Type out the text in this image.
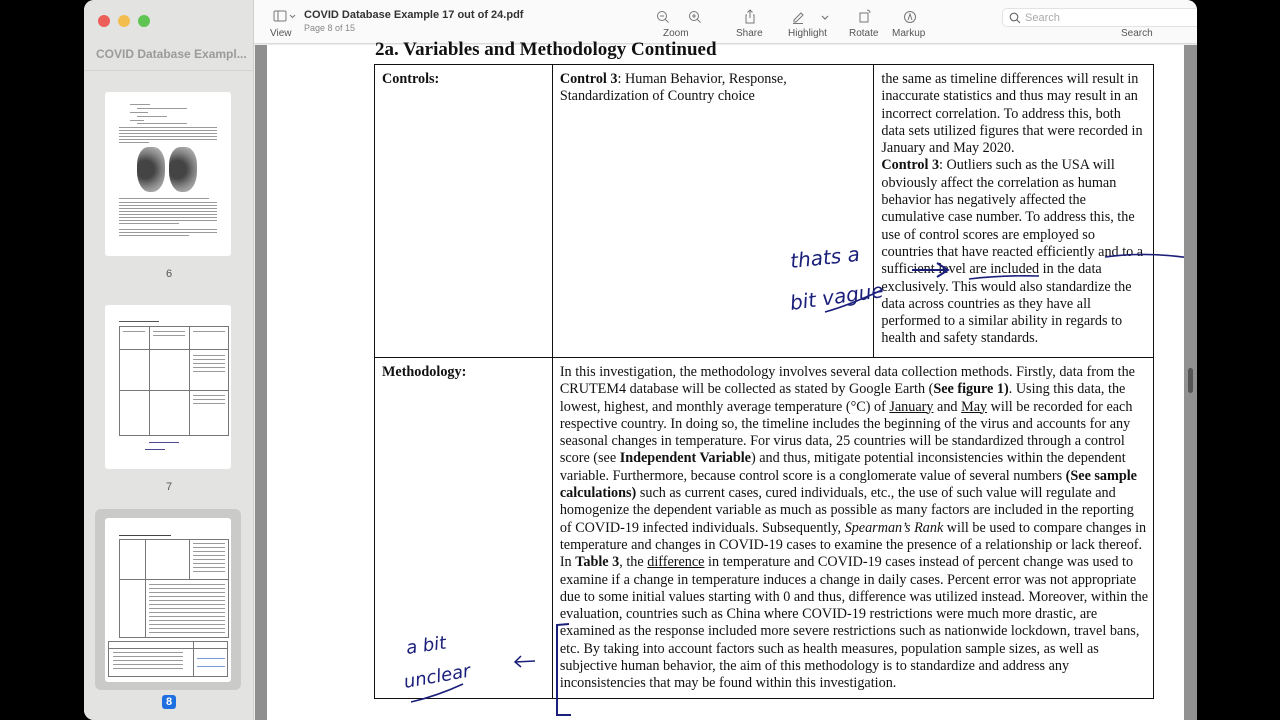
COVID Database Exampl...
6
7
8
View
COVID Database Example 17 out of 24.pdf
Page 8 of 15	Zoom	Share	Highlight Rotate Markup
Search	Search
2a. Variables and Methodology Continued
Controls:	Control 3: Human Behavior, Response, Standardization of Country choice	the same as timeline differences will result in inaccurate statistics and thus may result in an incorrect correlation. To address this, both data sets utilized figures that were recorded in January and May 2020.
Control 3: Outliers such as the USA will obviously affect the correlation as human behavior has negatively affected the cumulative case number. To address this, the use of control scores are employed so countries that have reacted efficiently and to a sufficient level are included in the data exclusively. This would also standardize the data across countries as they have all performed to a similar ability in regards to health and safety standards.
Methodology:	In this investigation, the methodology involves several data collection methods. Firstly, data from the CRUTEM4 database will be collected as stated by Google Earth (See figure 1). Using this data, the lowest, highest, and monthly average temperature (°C) of January and May will be recorded for each respective country. In doing so, the timeline includes the beginning of the virus and accounts for any seasonal changes in temperature. For virus data, 25 countries will be standardized through a control score (see Independent Variable) and thus, mitigate potential inconsistencies within the dependent variable. Furthermore, because control score is a conglomerate value of several numbers (See sample calculations) such as current cases, cured individuals, etc., the use of such value will regulate and homogenize the dependent variable as much as possible as many factors are included in the reporting of COVID-19 infected individuals. Subsequently, Spearman’s Rank will be used to compare changes in temperature and changes in COVID-19 cases to examine the presence of a relationship or lack thereof. In Table 3, the difference in temperature and COVID-19 cases instead of percent change was used to examine if a change in temperature induces a change in daily cases. Percent error was not appropriate due to some initial values starting with 0 and thus, difference was utilized instead. Moreover, within the evaluation, countries such as China where COVID-19 restrictions were much more drastic, are examined as the response included more severe restrictions such as nationwide lockdown, travel bans, etc. By taking into account factors such as health measures, population sample sizes, as well as subjective human behavior, the aim of this methodology is to standardize and address any inconsistencies that may be found within this investigation.	
thats a
bit vague
a bit
unclear
